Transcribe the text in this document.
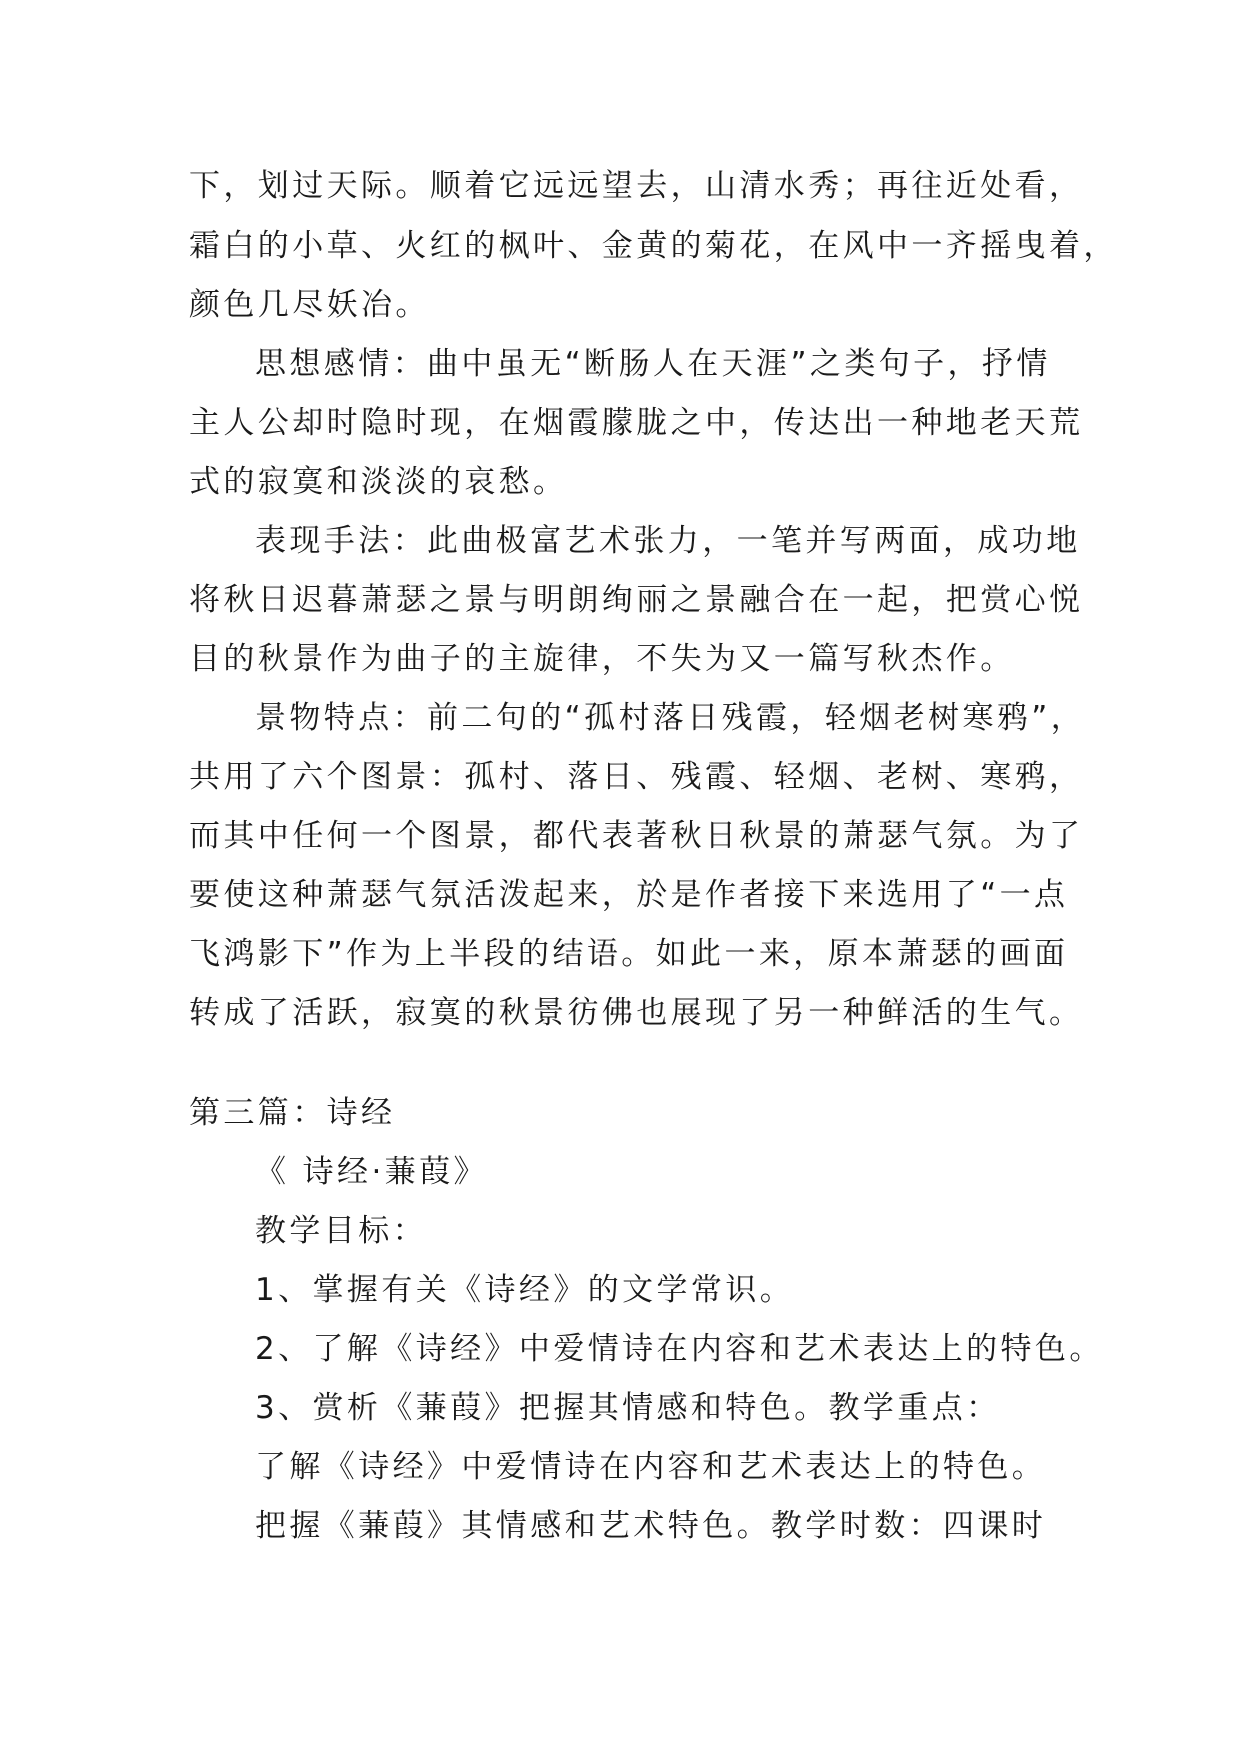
下，划过天际。顺着它远远望去，山清水秀；再往近处看，
霜白的小草、火红的枫叶、金黄的菊花，在风中一齐摇曳着，
颜色几尽妖冶。
思想感情：曲中虽无“断肠人在天涯”之类句子，抒情
主人公却时隐时现，在烟霞朦胧之中，传达出一种地老天荒
式的寂寞和淡淡的哀愁。
表现手法：此曲极富艺术张力，一笔并写两面，成功地
将秋日迟暮萧瑟之景与明朗绚丽之景融合在一起，把赏心悦
目的秋景作为曲子的主旋律，不失为又一篇写秋杰作。
景物特点：前二句的“孤村落日残霞，轻烟老树寒鸦”，
共用了六个图景：孤村、落日、残霞、轻烟、老树、寒鸦，
而其中任何一个图景，都代表著秋日秋景的萧瑟气氛。为了
要使这种萧瑟气氛活泼起来，於是作者接下来选用了“一点
飞鸿影下”作为上半段的结语。如此一来，原本萧瑟的画面
转成了活跃，寂寞的秋景彷佛也展现了另一种鲜活的生气。
第三篇：诗经
《 诗经·蒹葭》
教学目标：
1、掌握有关《诗经》的文学常识。
2、了解《诗经》中爱情诗在内容和艺术表达上的特色。
3、赏析《蒹葭》把握其情感和特色。教学重点：
了解《诗经》中爱情诗在内容和艺术表达上的特色。
把握《蒹葭》其情感和艺术特色。教学时数：四课时
